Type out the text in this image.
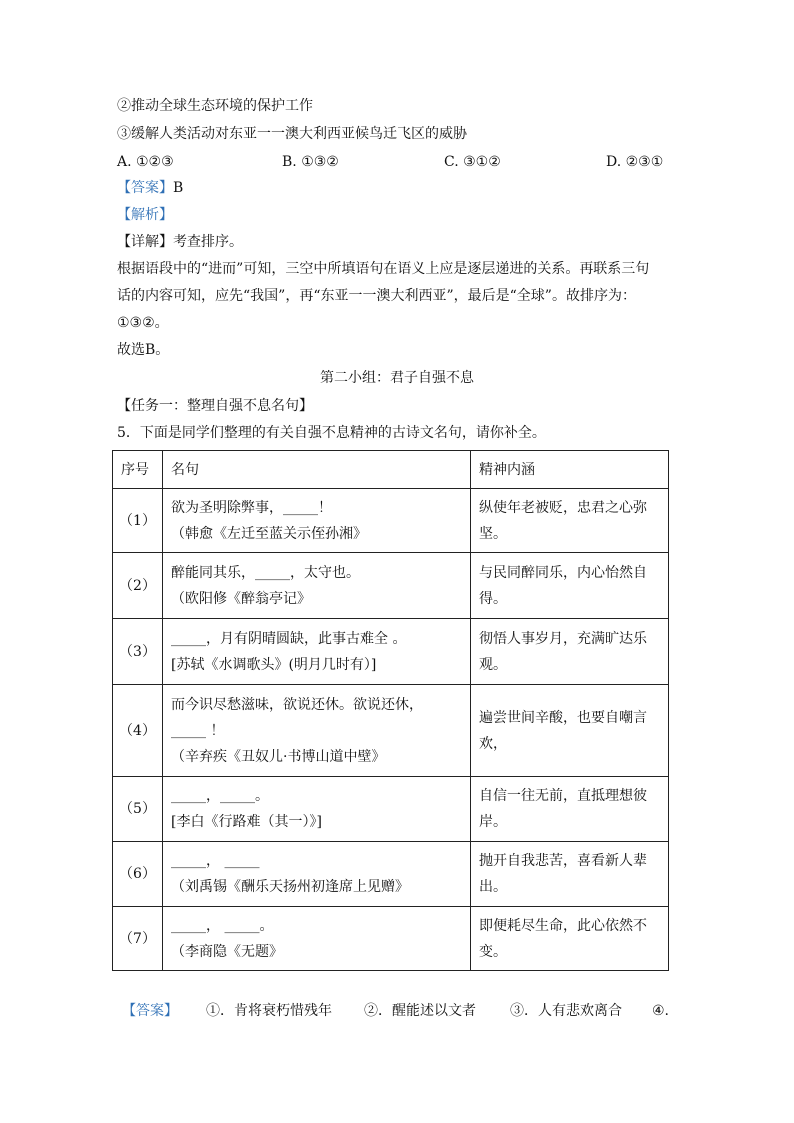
②推动全球生态环境的保护工作
③缓解人类活动对东亚一一澳大利西亚候鸟迁飞区的威胁
A. ①②③	B. ①③②	C. ③①②	D. ②③①
【答案】B
【解析】
【详解】考查排序。
根据语段中的“进而”可知，三空中所填语句在语义上应是逐层递进的关系。再联系三句
话的内容可知，应先“我国”，再“东亚一一澳大利西亚”，最后是“全球”。故排序为：
①③②。
故选B。
第二小组：君子自强不息
【任务一：整理自强不息名句】
5．下面是同学们整理的有关自强不息精神的古诗文名句，请你补全。
序号	名句	精神内涵
（1）	欲为圣明除弊事，_____！
（韩愈《左迁至蓝关示侄孙湘》	纵使年老被贬，忠君之心弥坚。
（2）	醉能同其乐，_____，太守也。
（欧阳修《醉翁亭记》	与民同醉同乐，内心怡然自得。
（3）	_____，月有阴晴圆缺，此事古难全 。
[苏轼《水调歌头》(明月几时有）]	彻悟人事岁月，充满旷达乐观。
（4）	而今识尽愁滋味，欲说还休。欲说还休，
_____ ！
（辛弃疾《丑奴儿·书博山道中壁》	遍尝世间辛酸，也要自嘲言欢，
（5）	_____，_____。
[李白《行路难（其一）》]	自信一往无前，直抵理想彼岸。
（6）	_____， _____
（刘禹锡《酬乐天扬州初逢席上见赠》	抛开自我悲苦，喜看新人辈出。
（7）	_____， _____。
（李商隐《无题》	即便耗尽生命，此心依然不变。
【答案】 ①．肯将衰朽惜残年 ②．醒能述以文者 ③．人有悲欢离合 ④.
